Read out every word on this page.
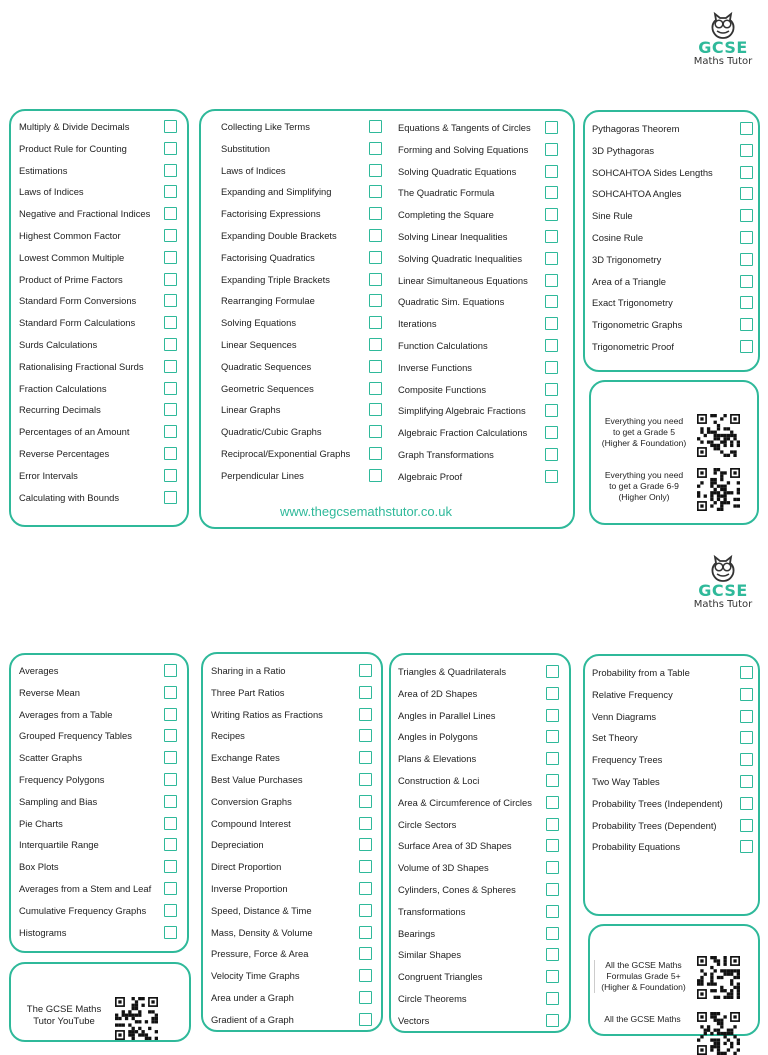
GCSE
Maths Tutor
Multiply & Divide Decimals
Product Rule for Counting
Estimations
Laws of Indices
Negative and Fractional Indices
Highest Common Factor
Lowest Common Multiple
Product of Prime Factors
Standard Form Conversions
Standard Form Calculations
Surds Calculations
Rationalising Fractional Surds
Fraction Calculations
Recurring Decimals
Percentages of an Amount
Reverse Percentages
Error Intervals
Calculating with Bounds
Collecting Like Terms
Substitution
Laws of Indices
Expanding and Simplifying
Factorising Expressions
Expanding Double Brackets
Factorising Quadratics
Expanding Triple Brackets
Rearranging Formulae
Solving Equations
Linear Sequences
Quadratic Sequences
Geometric Sequences
Linear Graphs
Quadratic/Cubic Graphs
Reciprocal/Exponential Graphs
Perpendicular Lines
Equations & Tangents of Circles
Forming and Solving Equations
Solving Quadratic Equations
The Quadratic Formula
Completing the Square
Solving Linear Inequalities
Solving Quadratic Inequalities
Linear Simultaneous Equations
Quadratic Sim. Equations
Iterations
Function Calculations
Inverse Functions
Composite Functions
Simplifying Algebraic Fractions
Algebraic Fraction Calculations
Graph Transformations
Algebraic Proof
www.thegcsemathstutor.co.uk
Pythagoras Theorem
3D Pythagoras
SOHCAHTOA Sides Lengths
SOHCAHTOA Angles
Sine Rule
Cosine Rule
3D Trigonometry
Area of a Triangle
Exact Trigonometry
Trigonometric Graphs
Trigonometric Proof
Everything you need
to get a Grade 5
(Higher & Foundation)
Everything you need
to get a Grade 6-9
(Higher Only)
GCSE
Maths Tutor
Averages
Reverse Mean
Averages from a Table
Grouped Frequency Tables
Scatter Graphs
Frequency Polygons
Sampling and Bias
Pie Charts
Interquartile Range
Box Plots
Averages from a Stem and Leaf
Cumulative Frequency Graphs
Histograms
The GCSE Maths
Tutor YouTube
Sharing in a Ratio
Three Part Ratios
Writing Ratios as Fractions
Recipes
Exchange Rates
Best Value Purchases
Conversion Graphs
Compound Interest
Depreciation
Direct Proportion
Inverse Proportion
Speed, Distance & Time
Mass, Density & Volume
Pressure, Force & Area
Velocity Time Graphs
Area under a Graph
Gradient of a Graph
Triangles & Quadrilaterals
Area of 2D Shapes
Angles in Parallel Lines
Angles in Polygons
Plans & Elevations
Construction & Loci
Area & Circumference of Circles
Circle Sectors
Surface Area of 3D Shapes
Volume of 3D Shapes
Cylinders, Cones & Spheres
Transformations
Bearings
Similar Shapes
Congruent Triangles
Circle Theorems
Vectors
Probability from a Table
Relative Frequency
Venn Diagrams
Set Theory
Frequency Trees
Two Way Tables
Probability Trees (Independent)
Probability Trees (Dependent)
Probability Equations
All the GCSE Maths
Formulas Grade 5+
(Higher & Foundation)
All the GCSE Maths
